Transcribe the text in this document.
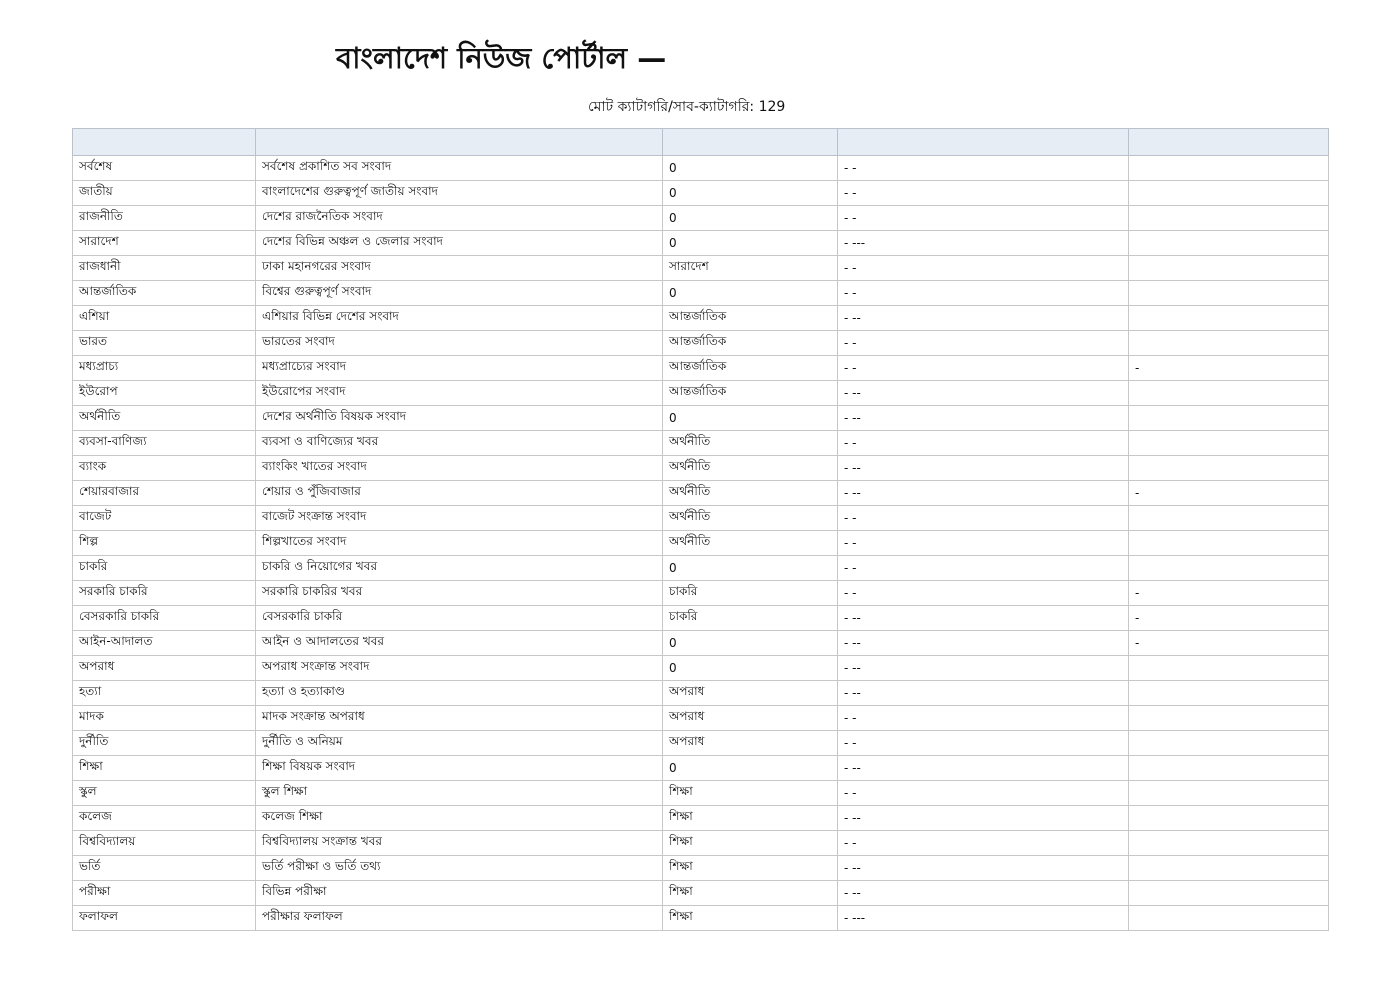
বাংলাদেশ নিউজ পোর্টাল —
মোট ক্যাটাগরি/সাব-ক্যাটাগরি: 129

সর্বশেষ	সর্বশেষ প্রকাশিত সব সংবাদ	0	- -	
জাতীয়	বাংলাদেশের গুরুত্বপূর্ণ জাতীয় সংবাদ	0	- -	
রাজনীতি	দেশের রাজনৈতিক সংবাদ	0	- -	
সারাদেশ	দেশের বিভিন্ন অঞ্চল ও জেলার সংবাদ	0	- ---	
রাজধানী	ঢাকা মহানগরের সংবাদ	সারাদেশ	- -	
আন্তর্জাতিক	বিশ্বের গুরুত্বপূর্ণ সংবাদ	0	- -	
এশিয়া	এশিয়ার বিভিন্ন দেশের সংবাদ	আন্তর্জাতিক	- --	
ভারত	ভারতের সংবাদ	আন্তর্জাতিক	- -	
মধ্যপ্রাচ্য	মধ্যপ্রাচ্যের সংবাদ	আন্তর্জাতিক	- -	-
ইউরোপ	ইউরোপের সংবাদ	আন্তর্জাতিক	- --	
অর্থনীতি	দেশের অর্থনীতি বিষয়ক সংবাদ	0	- --	
ব্যবসা-বাণিজ্য	ব্যবসা ও বাণিজ্যের খবর	অর্থনীতি	- -	
ব্যাংক	ব্যাংকিং খাতের সংবাদ	অর্থনীতি	- --	
শেয়ারবাজার	শেয়ার ও পুঁজিবাজার	অর্থনীতি	- --	-
বাজেট	বাজেট সংক্রান্ত সংবাদ	অর্থনীতি	- -	
শিল্প	শিল্পখাতের সংবাদ	অর্থনীতি	- -	
চাকরি	চাকরি ও নিয়োগের খবর	0	- -	
সরকারি চাকরি	সরকারি চাকরির খবর	চাকরি	- -	-
বেসরকারি চাকরি	বেসরকারি চাকরি	চাকরি	- --	-
আইন-আদালত	আইন ও আদালতের খবর	0	- --	-
অপরাধ	অপরাধ সংক্রান্ত সংবাদ	0	- --	
হত্যা	হত্যা ও হত্যাকাণ্ড	অপরাধ	- --	
মাদক	মাদক সংক্রান্ত অপরাধ	অপরাধ	- -	
দুর্নীতি	দুর্নীতি ও অনিয়ম	অপরাধ	- -	
শিক্ষা	শিক্ষা বিষয়ক সংবাদ	0	- --	
স্কুল	স্কুল শিক্ষা	শিক্ষা	- -	
কলেজ	কলেজ শিক্ষা	শিক্ষা	- --	
বিশ্ববিদ্যালয়	বিশ্ববিদ্যালয় সংক্রান্ত খবর	শিক্ষা	- -	
ভর্তি	ভর্তি পরীক্ষা ও ভর্তি তথ্য	শিক্ষা	- --	
পরীক্ষা	বিভিন্ন পরীক্ষা	শিক্ষা	- --	
ফলাফল	পরীক্ষার ফলাফল	শিক্ষা	- ---	
